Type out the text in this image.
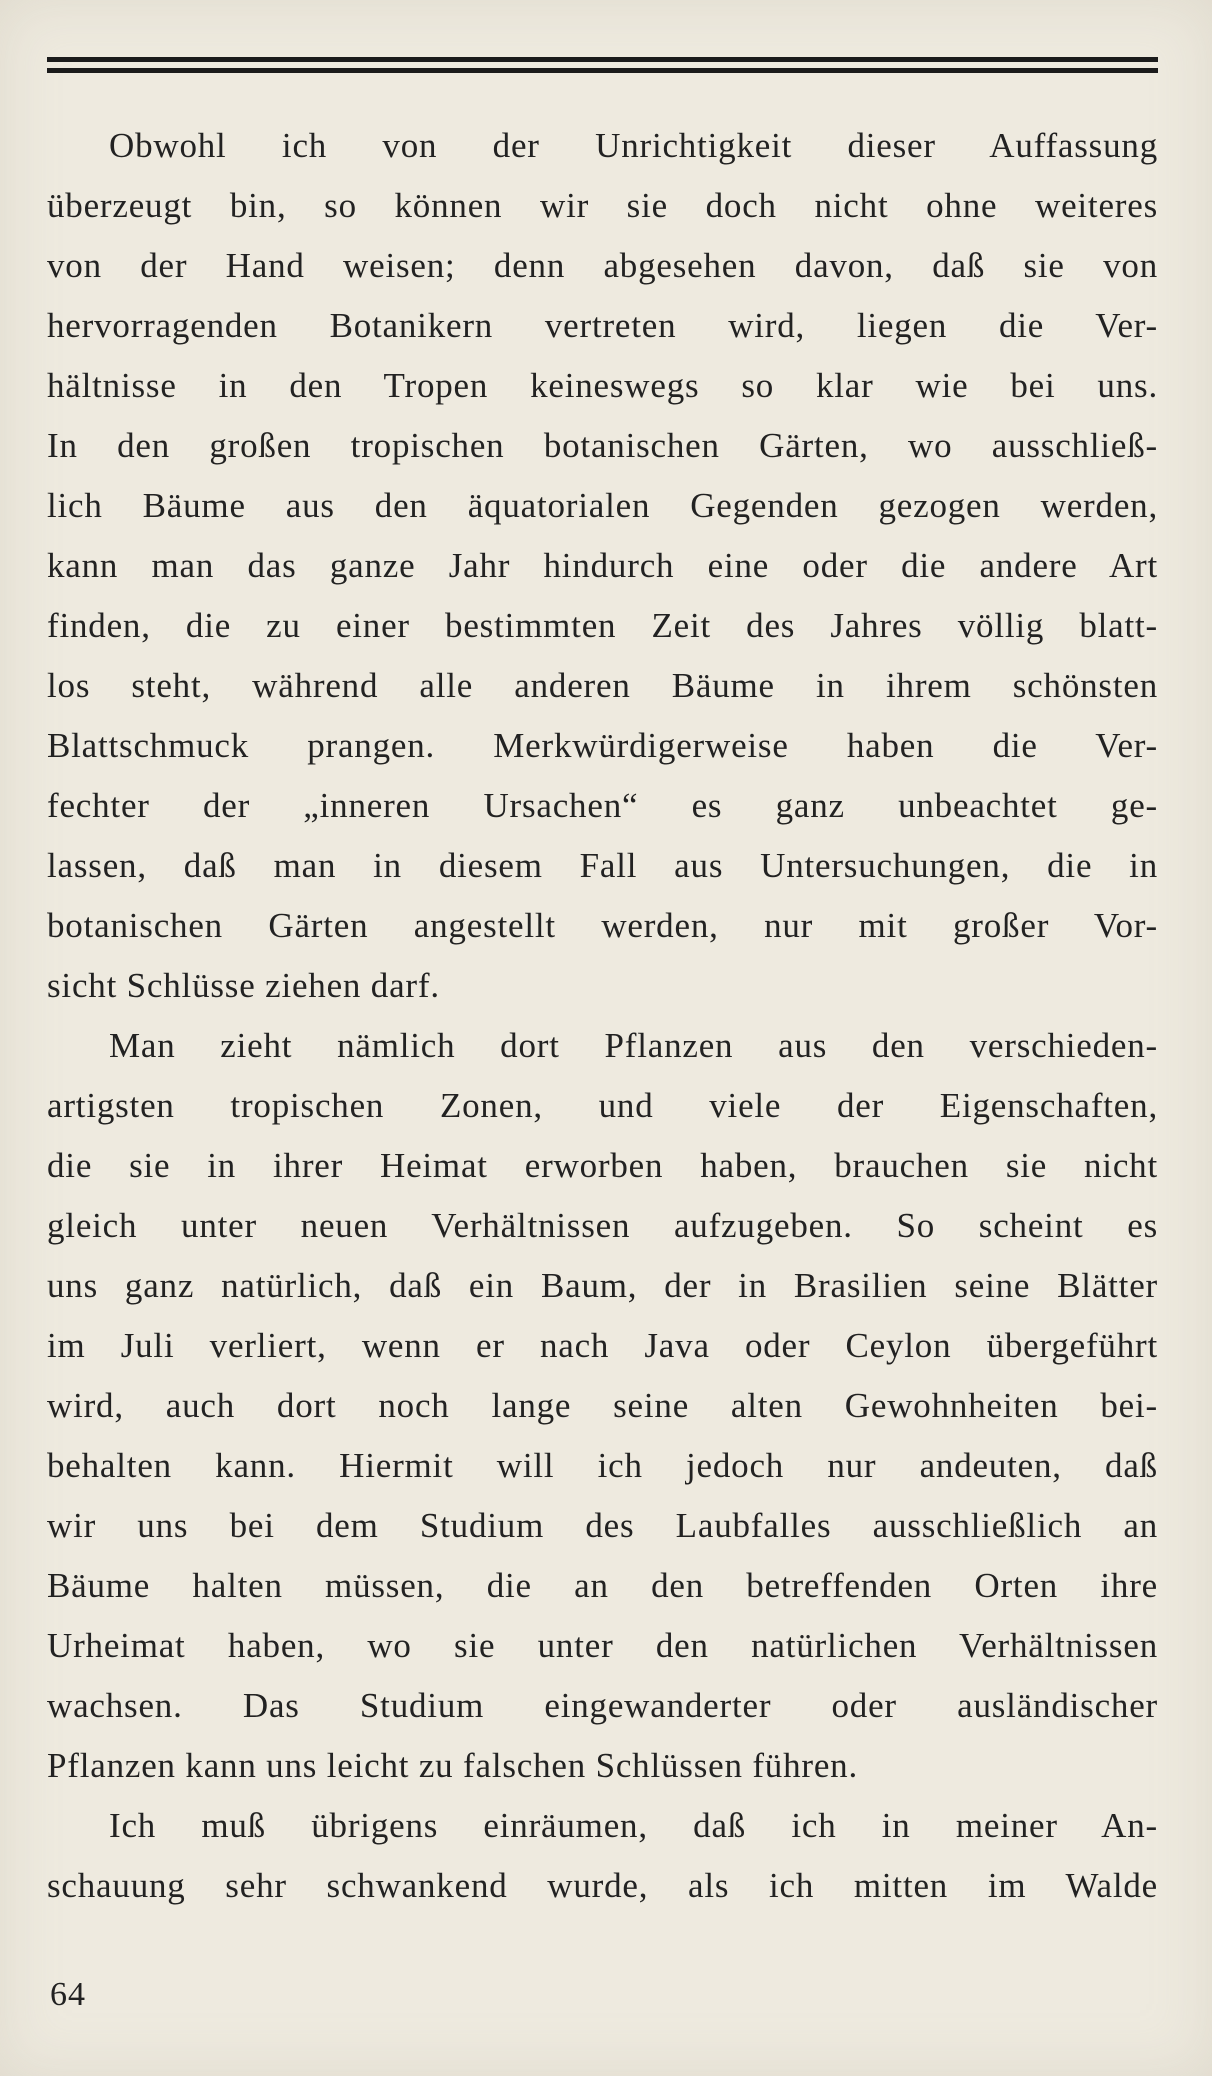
Obwohl ich von der Unrichtigkeit dieser Auffassung
überzeugt bin, so können wir sie doch nicht ohne weiteres
von der Hand weisen; denn abgesehen davon, daß sie von
hervorragenden Botanikern vertreten wird, liegen die Ver-
hältnisse in den Tropen keineswegs so klar wie bei uns.
In den großen tropischen botanischen Gärten, wo ausschließ-
lich Bäume aus den äquatorialen Gegenden gezogen werden,
kann man das ganze Jahr hindurch eine oder die andere Art
finden, die zu einer bestimmten Zeit des Jahres völlig blatt-
los steht, während alle anderen Bäume in ihrem schönsten
Blattschmuck prangen. Merkwürdigerweise haben die Ver-
fechter der „inneren Ursachen“ es ganz unbeachtet ge-
lassen, daß man in diesem Fall aus Untersuchungen, die in
botanischen Gärten angestellt werden, nur mit großer Vor-
sicht Schlüsse ziehen darf.
Man zieht nämlich dort Pflanzen aus den verschieden-
artigsten tropischen Zonen, und viele der Eigenschaften,
die sie in ihrer Heimat erworben haben, brauchen sie nicht
gleich unter neuen Verhältnissen aufzugeben. So scheint es
uns ganz natürlich, daß ein Baum, der in Brasilien seine Blätter
im Juli verliert, wenn er nach Java oder Ceylon übergeführt
wird, auch dort noch lange seine alten Gewohnheiten bei-
behalten kann. Hiermit will ich jedoch nur andeuten, daß
wir uns bei dem Studium des Laubfalles ausschließlich an
Bäume halten müssen, die an den betreffenden Orten ihre
Urheimat haben, wo sie unter den natürlichen Verhältnissen
wachsen. Das Studium eingewanderter oder ausländischer
Pflanzen kann uns leicht zu falschen Schlüssen führen.
Ich muß übrigens einräumen, daß ich in meiner An-
schauung sehr schwankend wurde, als ich mitten im Walde
64
